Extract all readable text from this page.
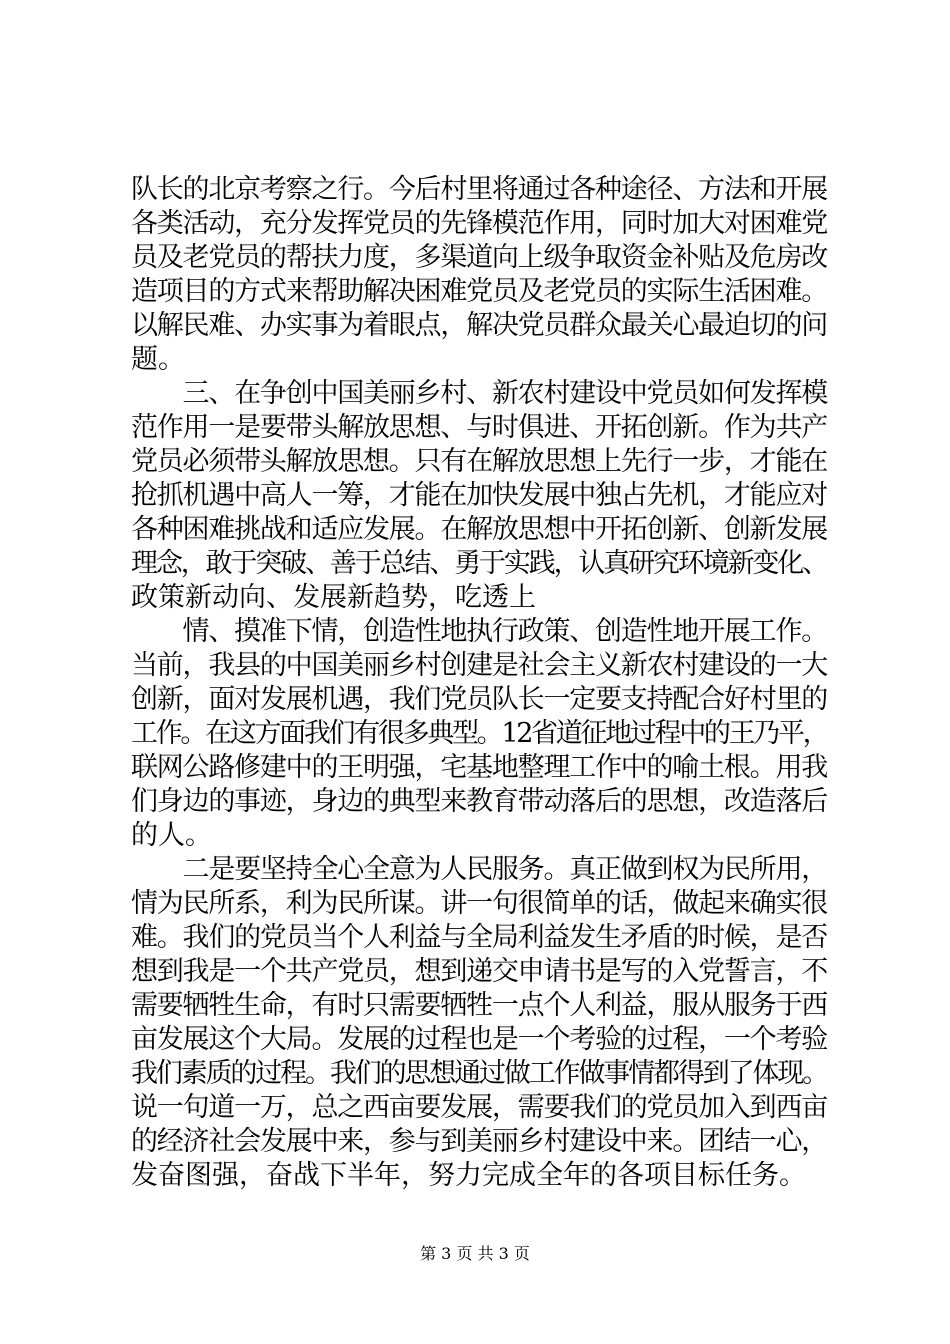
队长的北京考察之行。今后村里将通过各种途径、方法和开展
各类活动，充分发挥党员的先锋模范作用，同时加大对困难党
员及老党员的帮扶力度，多渠道向上级争取资金补贴及危房改
造项目的方式来帮助解决困难党员及老党员的实际生活困难。
以解民难、办实事为着眼点，解决党员群众最关心最迫切的问
题。
　　三、在争创中国美丽乡村、新农村建设中党员如何发挥模
范作用一是要带头解放思想、与时俱进、开拓创新。作为共产
党员必须带头解放思想。只有在解放思想上先行一步，才能在
抢抓机遇中高人一筹，才能在加快发展中独占先机，才能应对
各种困难挑战和适应发展。在解放思想中开拓创新、创新发展
理念，敢于突破、善于总结、勇于实践，认真研究环境新变化、
政策新动向、发展新趋势，吃透上
　　情、摸准下情，创造性地执行政策、创造性地开展工作。
当前，我县的中国美丽乡村创建是社会主义新农村建设的一大
创新，面对发展机遇，我们党员队长一定要支持配合好村里的
工作。在这方面我们有很多典型。12省道征地过程中的王乃平，
联网公路修建中的王明强，宅基地整理工作中的喻土根。用我
们身边的事迹，身边的典型来教育带动落后的思想，改造落后
的人。
　　二是要坚持全心全意为人民服务。真正做到权为民所用，
情为民所系，利为民所谋。讲一句很简单的话，做起来确实很
难。我们的党员当个人利益与全局利益发生矛盾的时候，是否
想到我是一个共产党员，想到递交申请书是写的入党誓言，不
需要牺牲生命，有时只需要牺牲一点个人利益，服从服务于西
亩发展这个大局。发展的过程也是一个考验的过程，一个考验
我们素质的过程。我们的思想通过做工作做事情都得到了体现。
说一句道一万，总之西亩要发展，需要我们的党员加入到西亩
的经济社会发展中来，参与到美丽乡村建设中来。团结一心，
发奋图强，奋战下半年，努力完成全年的各项目标任务。
第 3 页 共 3 页
